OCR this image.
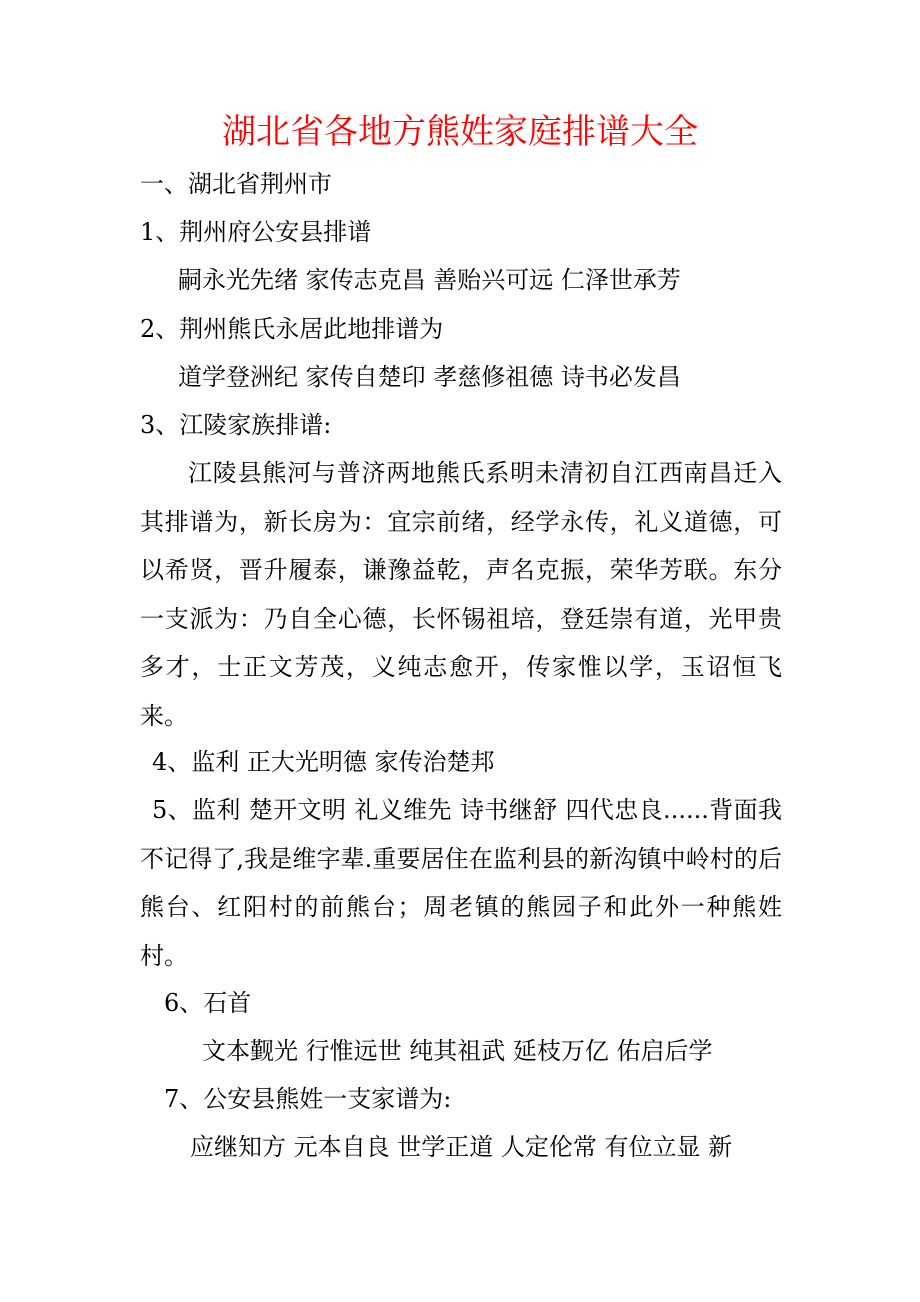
湖北省各地方熊姓家庭排谱大全
一、湖北省荆州市
1、荆州府公安县排谱
嗣永光先绪 家传志克昌 善贻兴可远 仁泽世承芳
2、荆州熊氏永居此地排谱为
道学登洲纪 家传自楚印 孝慈修祖德 诗书必发昌
3、江陵家族排谱:
江陵县熊河与普济两地熊氏系明未清初自江西南昌迁入其排谱为，新长房为：宜宗前绪，经学永传，礼义道德，可以希贤，晋升履泰，谦豫益乾，声名克振，荣华芳联。东分一支派为：乃自全心德，长怀锡祖培，登廷崇有道，光甲贵多才，士正文芳茂，义纯志愈开，传家惟以学，玉诏恒飞来。
4、监利 正大光明德 家传治楚邦
5、监利 楚开文明 礼义维先 诗书继舒 四代忠良......背面我不记得了,我是维字辈.重要居住在监利县的新沟镇中岭村的后熊台、红阳村的前熊台；周老镇的熊园子和此外一种熊姓村。
6、石首
文本觐光 行惟远世 纯其祖武 延枝万亿 佑启后学
7、公安县熊姓一支家谱为:
应继知方 元本自良 世学正道 人定伦常 有位立显 新
